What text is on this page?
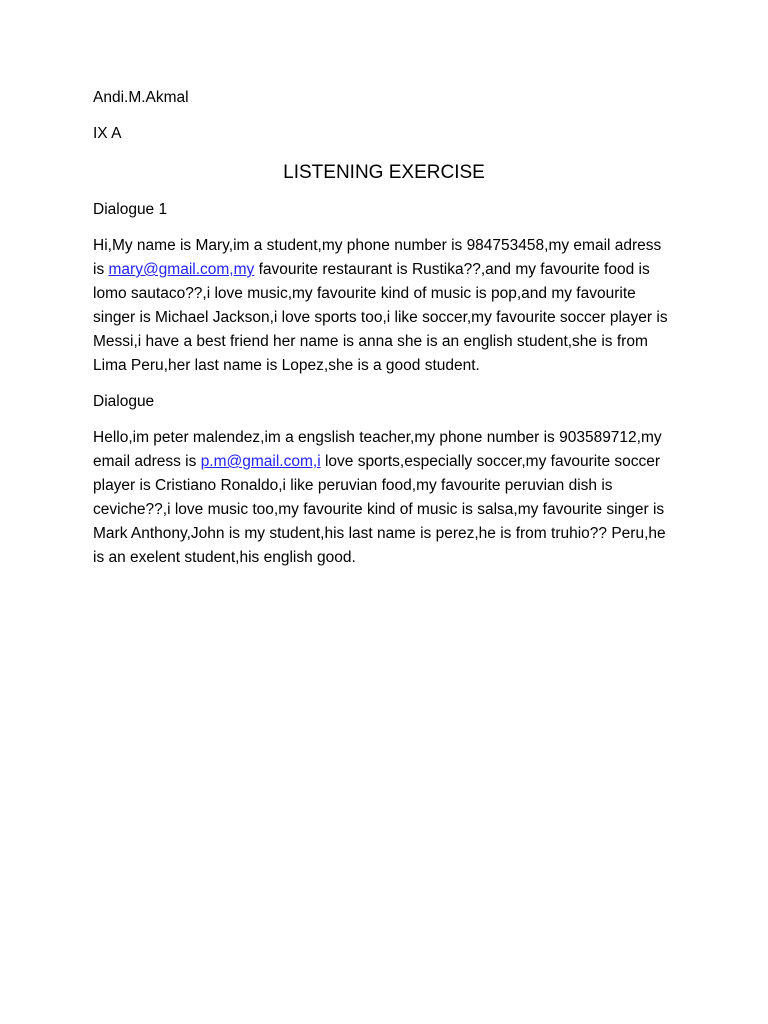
Andi.M.Akmal

IX A

LISTENING EXERCISE

Dialogue 1

Hi,My name is Mary,im a student,my phone number is 984753458,my email adress is mary@gmail.com,my favourite restaurant is Rustika??,and my favourite food is lomo sautaco??,i love music,my favourite kind of music is pop,and my favourite singer is Michael Jackson,i love sports too,i like soccer,my favourite soccer player is Messi,i have a best friend her name is anna she is an english student,she is from Lima Peru,her last name is Lopez,she is a good student.

Dialogue

Hello,im peter malendez,im a engslish teacher,my phone number is 903589712,my email adress is p.m@gmail.com,i love sports,especially soccer,my favourite soccer player is Cristiano Ronaldo,i like peruvian food,my favourite peruvian dish is ceviche??,i love music too,my favourite kind of music is salsa,my favourite singer is Mark Anthony,John is my student,his last name is perez,he is from truhio?? Peru,he is an exelent student,his english good.
